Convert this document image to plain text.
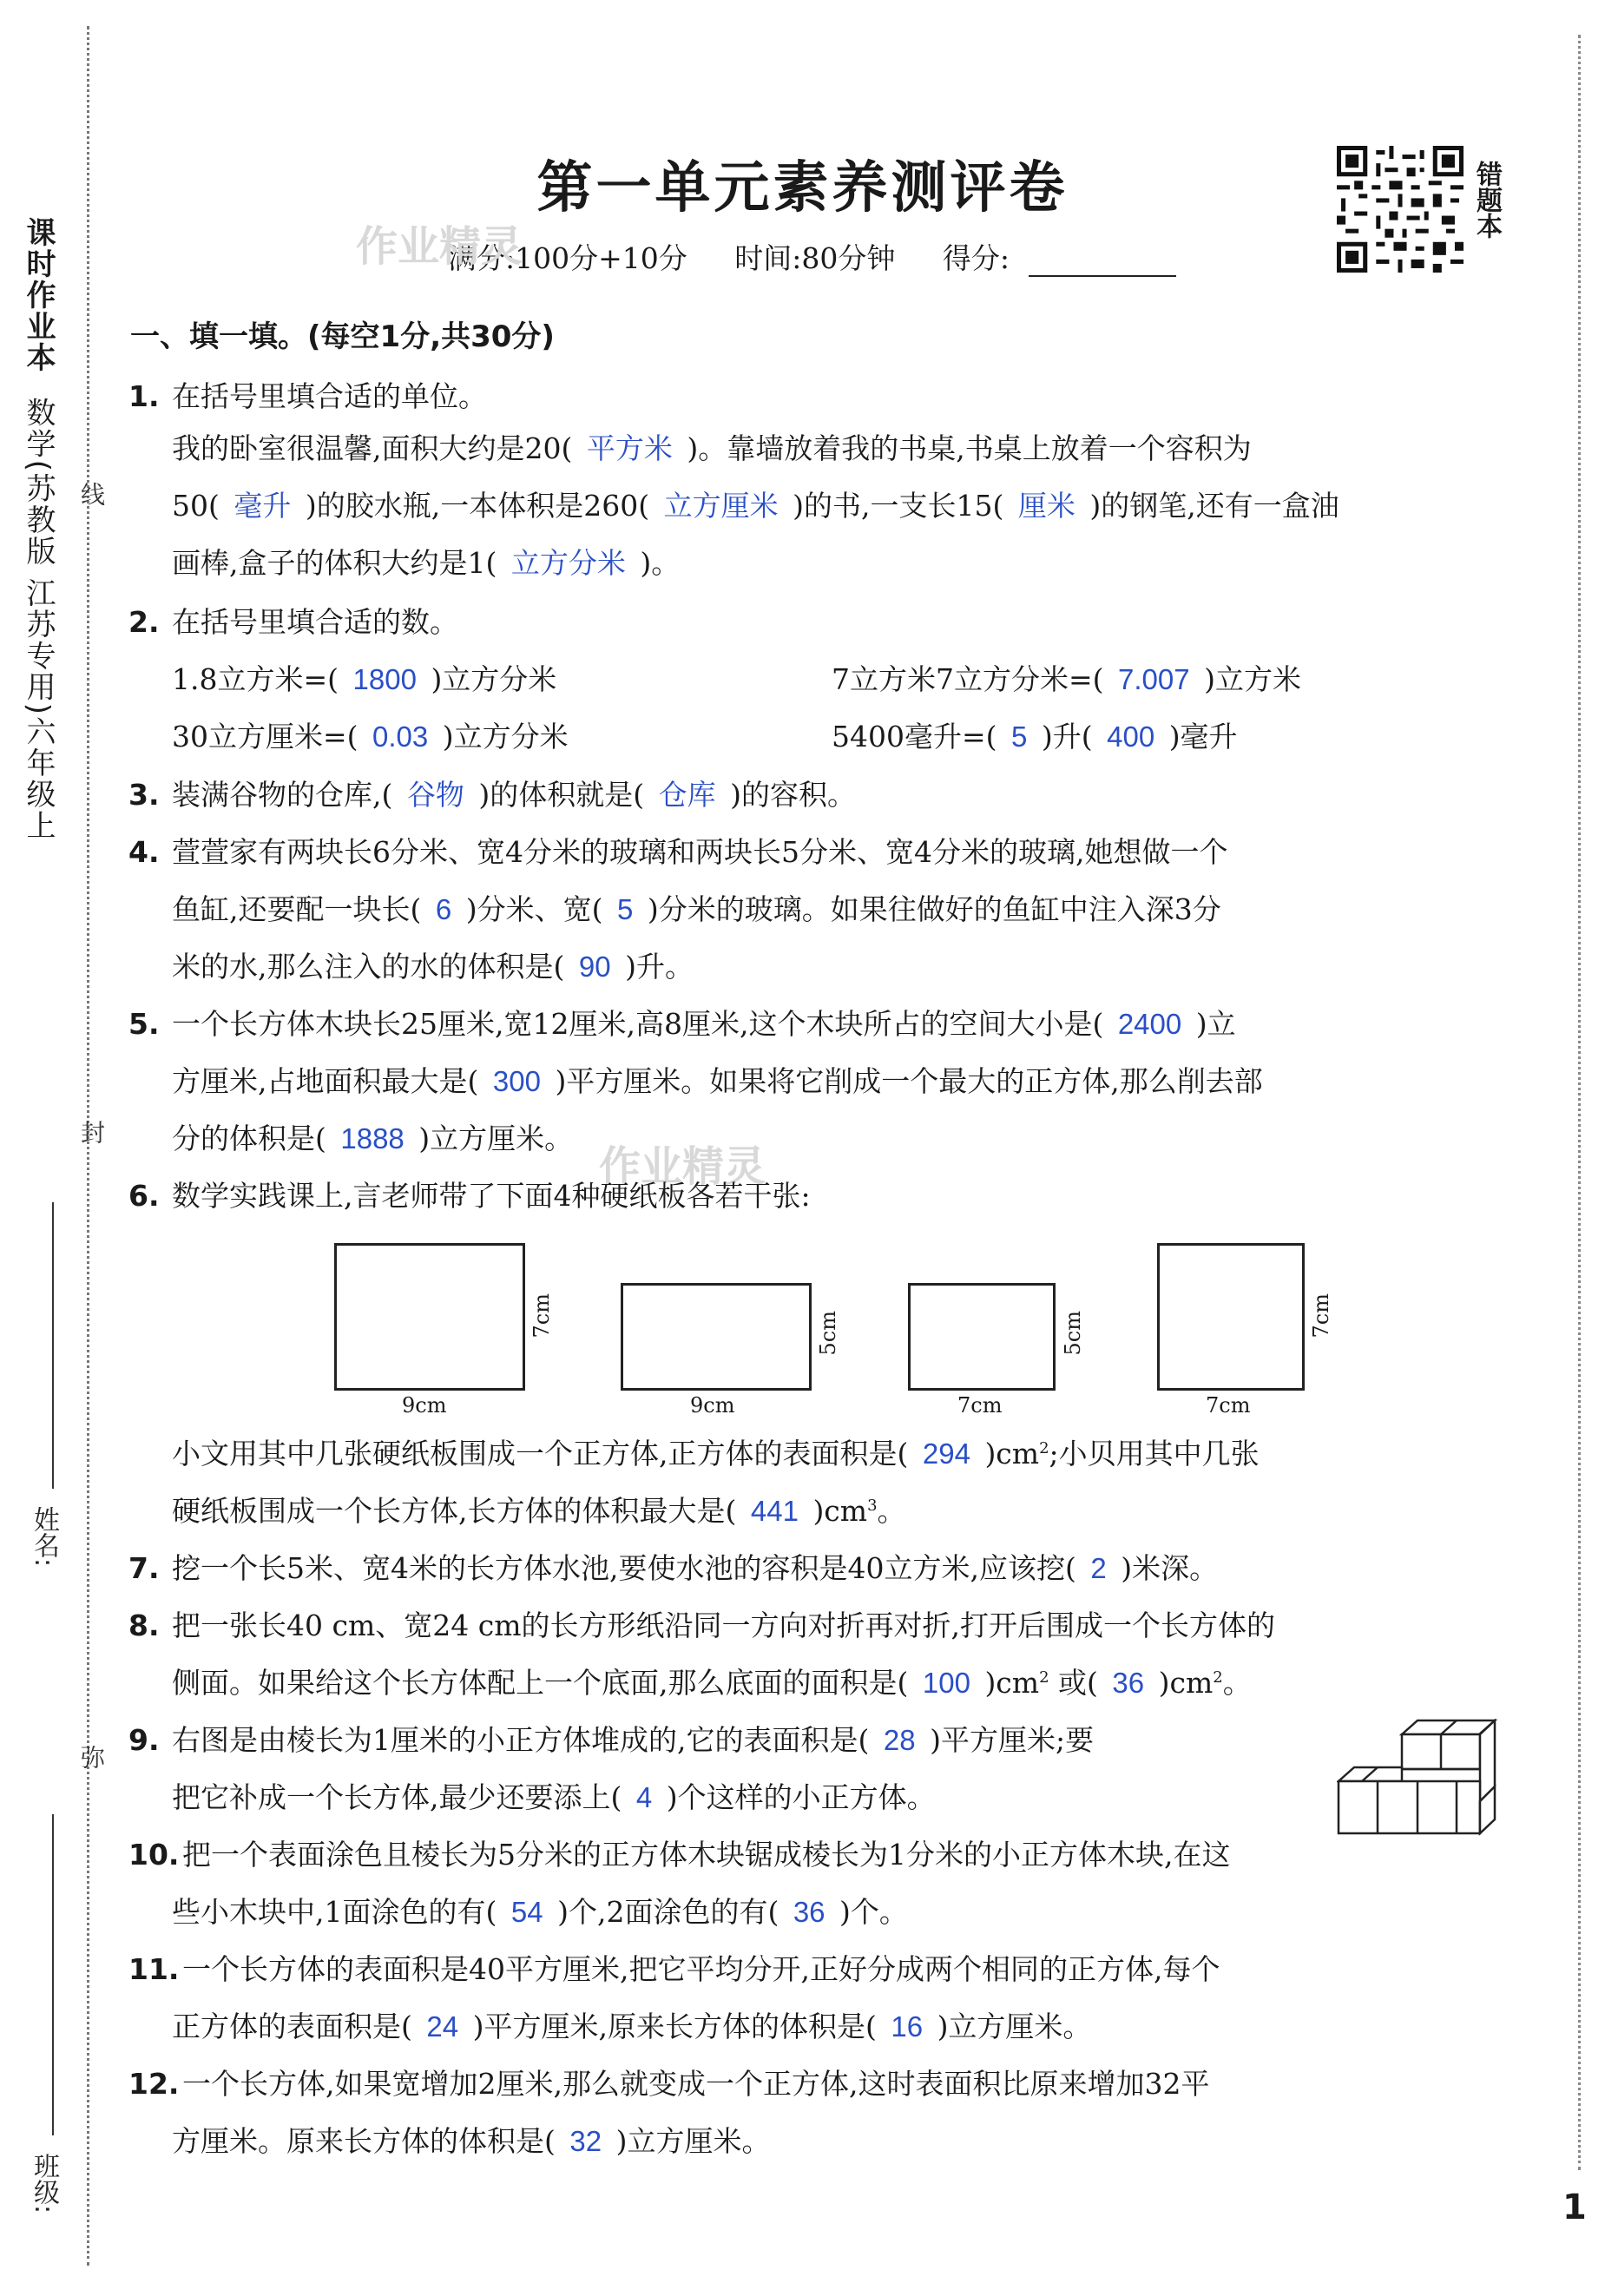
课时作业本  数学(苏教版 江苏专用)六年级上 线
封
弥
姓名:
班级:
第一单元素养测评卷
满分:100分+10分 时间:80分钟 得分:
错题本
作业精灵
作业精灵
一、填一填。(每空1分,共30分)
1. 在括号里填合适的单位。
我的卧室很温馨,面积大约是20( 平方米 )。靠墙放着我的书桌,书桌上放着一个容积为
50( 毫升 )的胶水瓶,一本体积是260( 立方厘米 )的书,一支长15( 厘米 )的钢笔,还有一盒油
画棒,盒子的体积大约是1( 立方分米 )。
2. 在括号里填合适的数。
3. 装满谷物的仓库,( 谷物 )的体积就是( 仓库 )的容积。
4. 萱萱家有两块长6分米、宽4分米的玻璃和两块长5分米、宽4分米的玻璃,她想做一个
鱼缸,还要配一块长( 6 )分米、宽( 5 )分米的玻璃。如果往做好的鱼缸中注入深3分
米的水,那么注入的水的体积是( 90 )升。
5. 一个长方体木块长25厘米,宽12厘米,高8厘米,这个木块所占的空间大小是( 2400 )立
方厘米,占地面积最大是( 300 )平方厘米。如果将它削成一个最大的正方体,那么削去部
分的体积是( 1888 )立方厘米。
6. 数学实践课上,言老师带了下面4种硬纸板各若干张:
小文用其中几张硬纸板围成一个正方体,正方体的表面积是( 294 )$cm^2$;小贝用其中几张
硬纸板围成一个长方体,长方体的体积最大是( 441 )$cm^3$。
7. 挖一个长5米、宽4米的长方体水池,要使水池的容积是40立方米,应该挖( 2 )米深。
8. 把一张长40 cm、宽24 cm的长方形纸沿同一方向对折再对折,打开后围成一个长方体的
侧面。如果给这个长方体配上一个底面,那么底面的面积是( 100 )$cm^2$ 或( 36 )$cm^2$。
9. 右图是由棱长为1厘米的小正方体堆成的,它的表面积是( 28 )平方厘米;要
把它补成一个长方体,最少还要添上( 4 )个这样的小正方体。
10. 把一个表面涂色且棱长为5分米的正方体木块锯成棱长为1分米的小正方体木块,在这
些小木块中,1面涂色的有( 54 )个,2面涂色的有( 36 )个。
11. 一个长方体的表面积是40平方厘米,把它平均分开,正好分成两个相同的正方体,每个
正方体的表面积是( 24 )平方厘米,原来长方体的体积是( 16 )立方厘米。
12. 一个长方体,如果宽增加2厘米,那么就变成一个正方体,这时表面积比原来增加32平
方厘米。原来长方体的体积是( 32 )立方厘米。
1.8立方米=( 1800 )立方分米	7立方米7立方分米=( 7.007 )立方米
30立方厘米=( 0.03 )立方分米	5400毫升=( 5 )升( 400 )毫升
9cm
7cm
9cm
5cm
7cm
5cm
7cm
7cm
1
